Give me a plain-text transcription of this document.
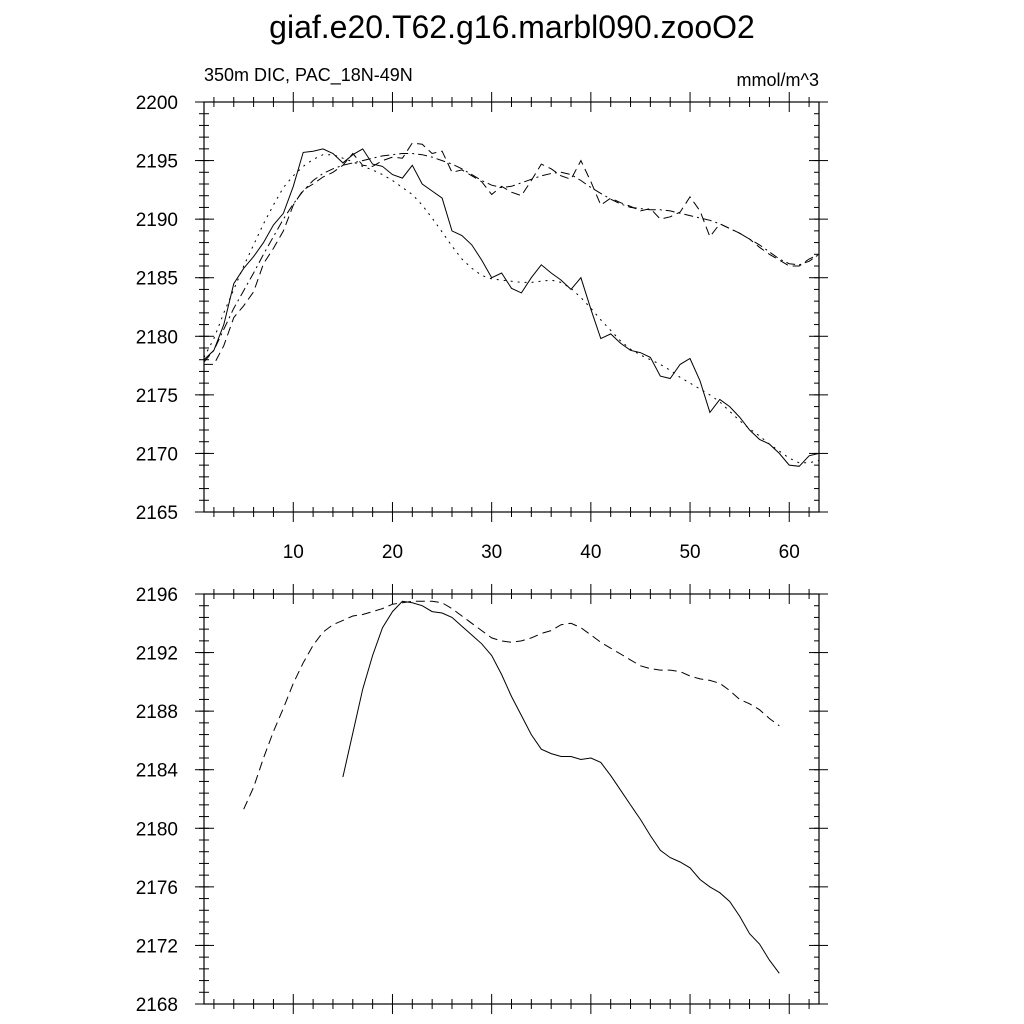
giaf.e20.T62.g16.marbl090.zooO2
350m DIC, PAC_18N-49N	mmol/m^3
2165
2170
2175
2180
2185
2190
2195
2200
10	20	30	40	50	60
2168
2172
2176
2180
2184
2188
2192
2196
